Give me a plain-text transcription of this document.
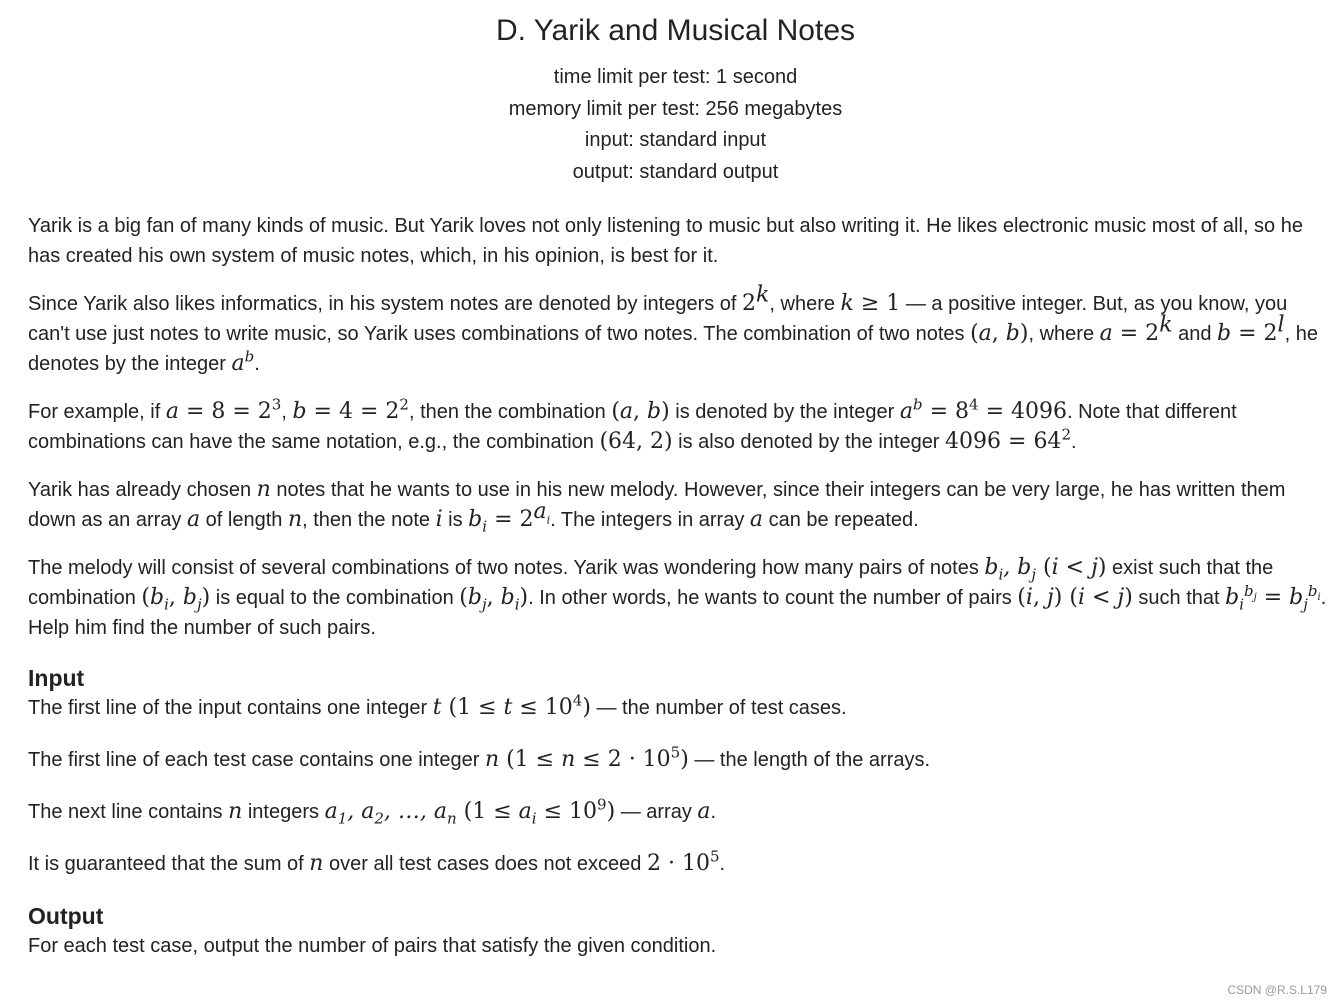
D. Yarik and Musical Notes
time limit per test: 1 second
memory limit per test: 256 megabytes
input: standard input
output: standard output

Yarik is a big fan of many kinds of music. But Yarik loves not only listening to music but also writing it. He likes electronic music most of all, so he has created his own system of music notes, which, in his opinion, is best for it.

Since Yarik also likes informatics, in his system notes are denoted by integers of 2$^k$, where k ≥ 1 — a positive integer. But, as you know, you can't use just notes to write music, so Yarik uses combinations of two notes. The combination of two notes (a, b), where $a = 2^k$ and $b = 2^l$, he denotes by the integer $a^b$.

For example, if $a = 8 = 2^3$, $b = 4 = 2^2$, then the combination (a, b) is denoted by the integer $a^b = 8^4 = 4096$. Note that different combinations can have the same notation, e.g., the combination (64, 2) is also denoted by the integer $4096 = 64^2$.

Yarik has already chosen n notes that he wants to use in his new melody. However, since their integers can be very large, he has written them down as an array a of length n, then the note i is $b_i = 2^{a_i}$. The integers in array a can be repeated.

The melody will consist of several combinations of two notes. Yarik was wondering how many pairs of notes $b_i$, $b_j$ (i < j) exist such that the combination ($b_i$, $b_j$) is equal to the combination ($b_j$, $b_i$). In other words, he wants to count the number of pairs (i, j) (i < j) such that $b_i^{b_j} = b_j^{b_i}$. Help him find the number of such pairs.

Input

The first line of the input contains one integer t $(1 \le t \le 10^4)$ — the number of test cases.

The first line of each test case contains one integer n $(1 \le n \le 2 \cdot 10^5)$ — the length of the arrays.

The next line contains n integers $a_1$, $a_2$, …, $a_n$ $(1 \le a_i \le 10^9)$ — array a.

It is guaranteed that the sum of n over all test cases does not exceed $2 \cdot 10^5$.

Output

For each test case, output the number of pairs that satisfy the given condition.

CSDN @R.S.L179
